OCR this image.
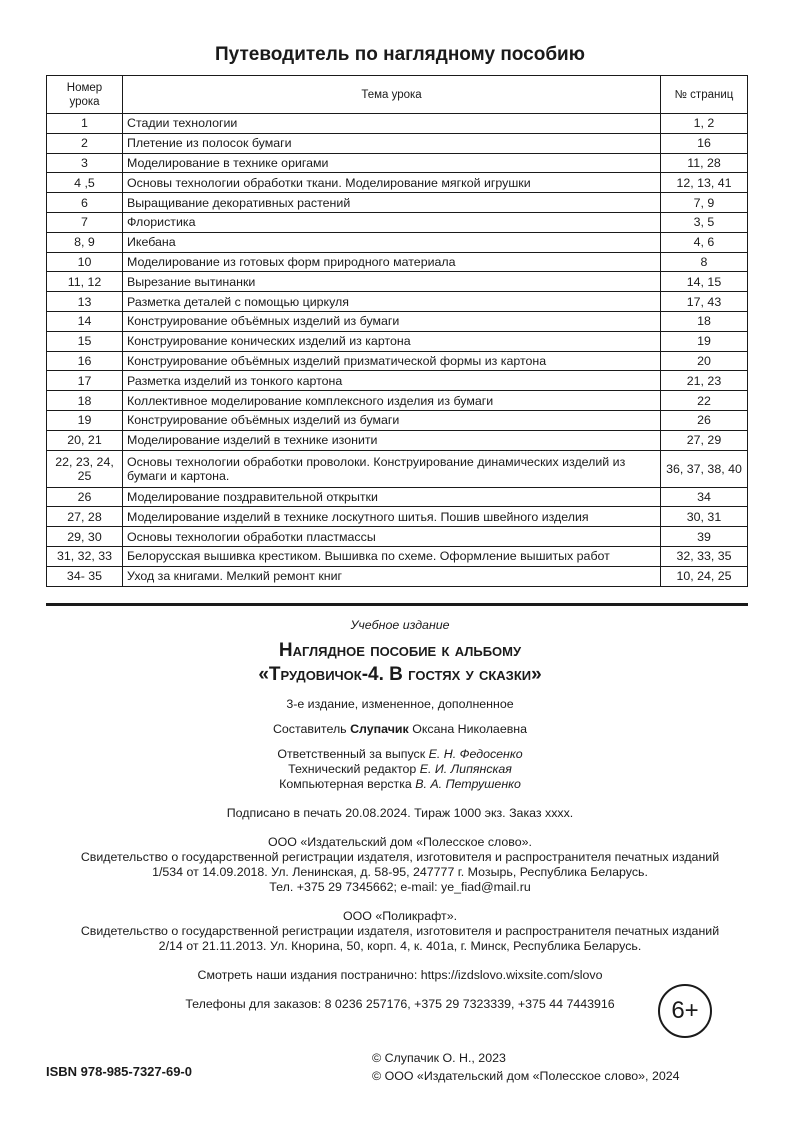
Путеводитель по наглядному пособию
Номер урока	Тема урока	№ страниц
1	Стадии технологии	1, 2
2	Плетение из полосок бумаги	16
3	Моделирование в технике оригами	11, 28
4 ,5	Основы технологии обработки ткани. Моделирование мягкой игрушки	12, 13, 41
6	Выращивание декоративных растений	7, 9
7	Флористика	3, 5
8, 9	Икебана	4, 6
10	Моделирование из готовых форм природного материала	8
11, 12	Вырезание вытинанки	14, 15
13	Разметка деталей с помощью циркуля	17, 43
14	Конструирование объёмных изделий из бумаги	18
15	Конструирование конических изделий из картона	19
16	Конструирование объёмных изделий призматической формы из картона	20
17	Разметка изделий из тонкого картона	21, 23
18	Коллективное моделирование комплексного изделия из бумаги	22
19	Конструирование объёмных изделий из бумаги	26
20, 21	Моделирование изделий в технике изонити	27, 29
22, 23, 24, 25	Основы технологии обработки проволоки. Конструирование динамических изделий из бумаги и картона.	36, 37, 38, 40
26	Моделирование поздравительной открытки	34
27, 28	Моделирование изделий в технике лоскутного шитья. Пошив швейного изделия	30, 31
29, 30	Основы технологии обработки пластмассы	39
31, 32, 33	Белорусская вышивка крестиком. Вышивка по схеме. Оформление вышитых работ	32, 33, 35
34- 35	Уход за книгами. Мелкий ремонт книг	10, 24, 25
Учебное издание
Наглядное пособие к альбому
«Трудовичок-4. В гостях у сказки»

3-е издание, измененное, дополненное

Составитель Слупачик Оксана Николаевна

Ответственный за выпуск Е. Н. Федосенко

Технический редактор Е. И. Липянская

Компьютерная верстка В. А. Петрушенко

Подписано в печать 20.08.2024. Тираж 1000 экз. Заказ хххх.

ООО «Издательский дом «Полесское слово».

Свидетельство о государственной регистрации издателя, изготовителя и распространителя печатных изданий

1/534 от 14.09.2018. Ул. Ленинская, д. 58-95, 247777 г. Мозырь, Республика Беларусь.

Тел. +375 29 7345662; e-mail: ye_fiad@mail.ru

ООО «Поликрафт».

Свидетельство о государственной регистрации издателя, изготовителя и распространителя печатных изданий

2/14 от 21.11.2013. Ул. Кнорина, 50, корп. 4, к. 401а, г. Минск, Республика Беларусь.

Смотреть наши издания постранично: https://izdslovo.wixsite.com/slovo

Телефоны для заказов: 8 0236 257176, +375 29 7323339, +375 44 7443916	6+
ISBN 978-985-7327-69-0
© Слупачик О. Н., 2023
© ООО «Издательский дом «Полесское слово», 2024
